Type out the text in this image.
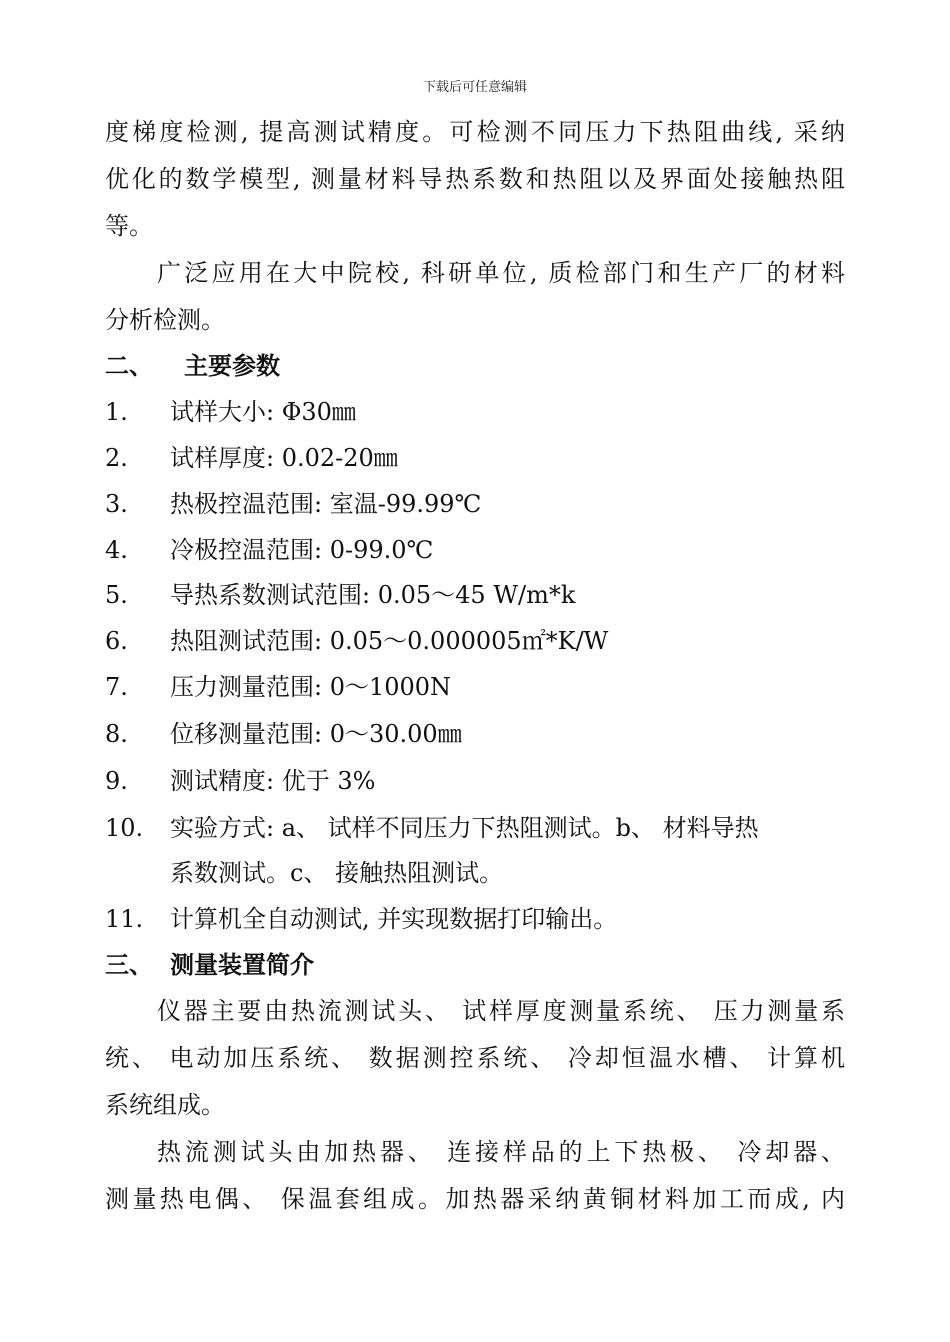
下载后可任意编辑
度梯度检测, 提高测试精度。可检测不同压力下热阻曲线, 采纳
优化的数学模型, 测量材料导热系数和热阻以及界面处接触热阻
等。
广泛应用在大中院校, 科研单位, 质检部门和生产厂的材料
分析检测。
二、 主要参数
1. 试样大小: Φ30㎜
2. 试样厚度: 0.02-20㎜
3. 热极控温范围: 室温-99.99℃
4. 冷极控温范围: 0-99.0℃
5. 导热系数测试范围: 0.05～45 W/m*k
6. 热阻测试范围: 0.05～0.000005㎡*K/W
7. 压力测量范围: 0～1000N
8. 位移测量范围: 0～30.00㎜
9. 测试精度: 优于 3%
10. 实验方式: a、 试样不同压力下热阻测试。b、 材料导热
系数测试。c、 接触热阻测试。
11. 计算机全自动测试, 并实现数据打印输出。
三、 测量装置简介
仪器主要由热流测试头、 试样厚度测量系统、 压力测量系
统、 电动加压系统、 数据测控系统、 冷却恒温水槽、 计算机
系统组成。
热流测试头由加热器、 连接样品的上下热极、 冷却器、
测量热电偶、 保温套组成。加热器采纳黄铜材料加工而成, 内
